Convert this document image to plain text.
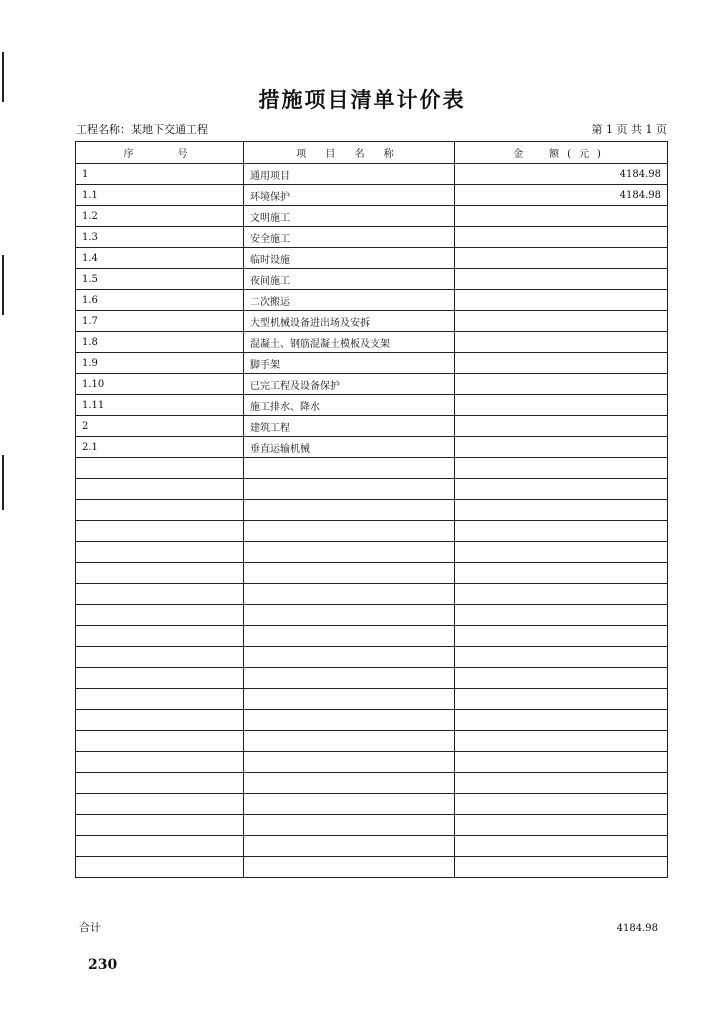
措施项目清单计价表
工程名称：某地下交通工程	第 1 页 共 1 页
序　　号	项 目 名 称	金　额(元)
1	通用项目	4184.98
1.1	环境保护	4184.98
1.2	文明施工	
1.3	安全施工	
1.4	临时设施	
1.5	夜间施工	
1.6	二次搬运	
1.7	大型机械设备进出场及安拆	
1.8	混凝土、钢筋混凝土模板及支架	
1.9	脚手架	
1.10	已完工程及设备保护	
1.11	施工排水、降水	
2	建筑工程	
2.1	垂直运输机械	

合计	4184.98
230
